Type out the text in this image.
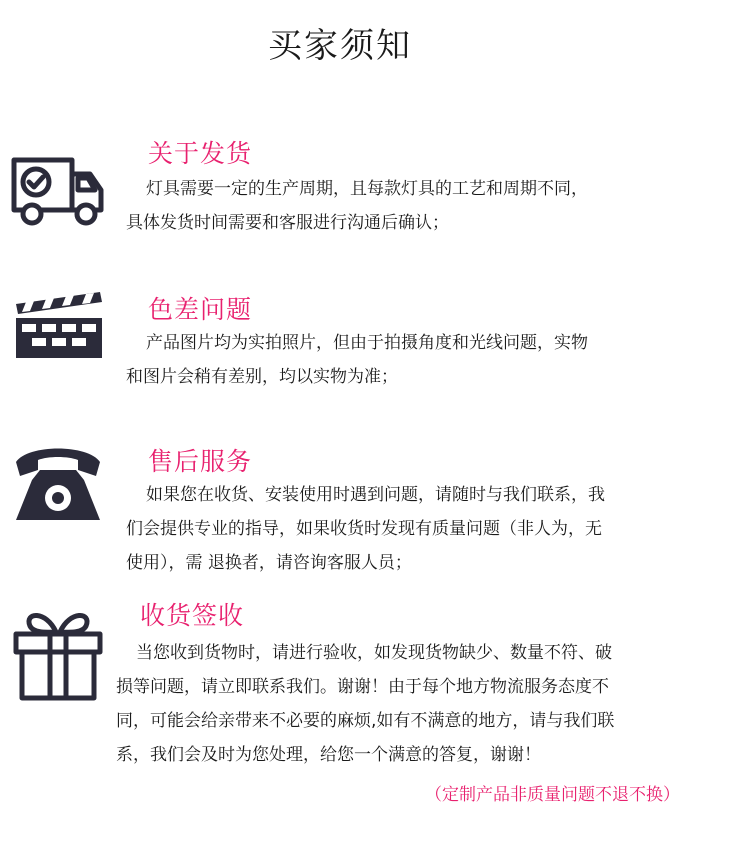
买家须知
关于发货
灯具需要一定的生产周期，且每款灯具的工艺和周期不同，
具体发货时间需要和客服进行沟通后确认；
色差问题
产品图片均为实拍照片，但由于拍摄角度和光线问题，实物
和图片会稍有差别，均以实物为准；
售后服务
如果您在收货、安装使用时遇到问题，请随时与我们联系，我
们会提供专业的指导，如果收货时发现有质量问题（非人为，无
使用），需 退换者，请咨询客服人员；
收货签收
当您收到货物时，请进行验收，如发现货物缺少、数量不符、破
损等问题，请立即联系我们。谢谢！由于每个地方物流服务态度不
同，可能会给亲带来不必要的麻烦,如有不满意的地方，请与我们联
系，我们会及时为您处理，给您一个满意的答复，谢谢！
（定制产品非质量问题不退不换）
